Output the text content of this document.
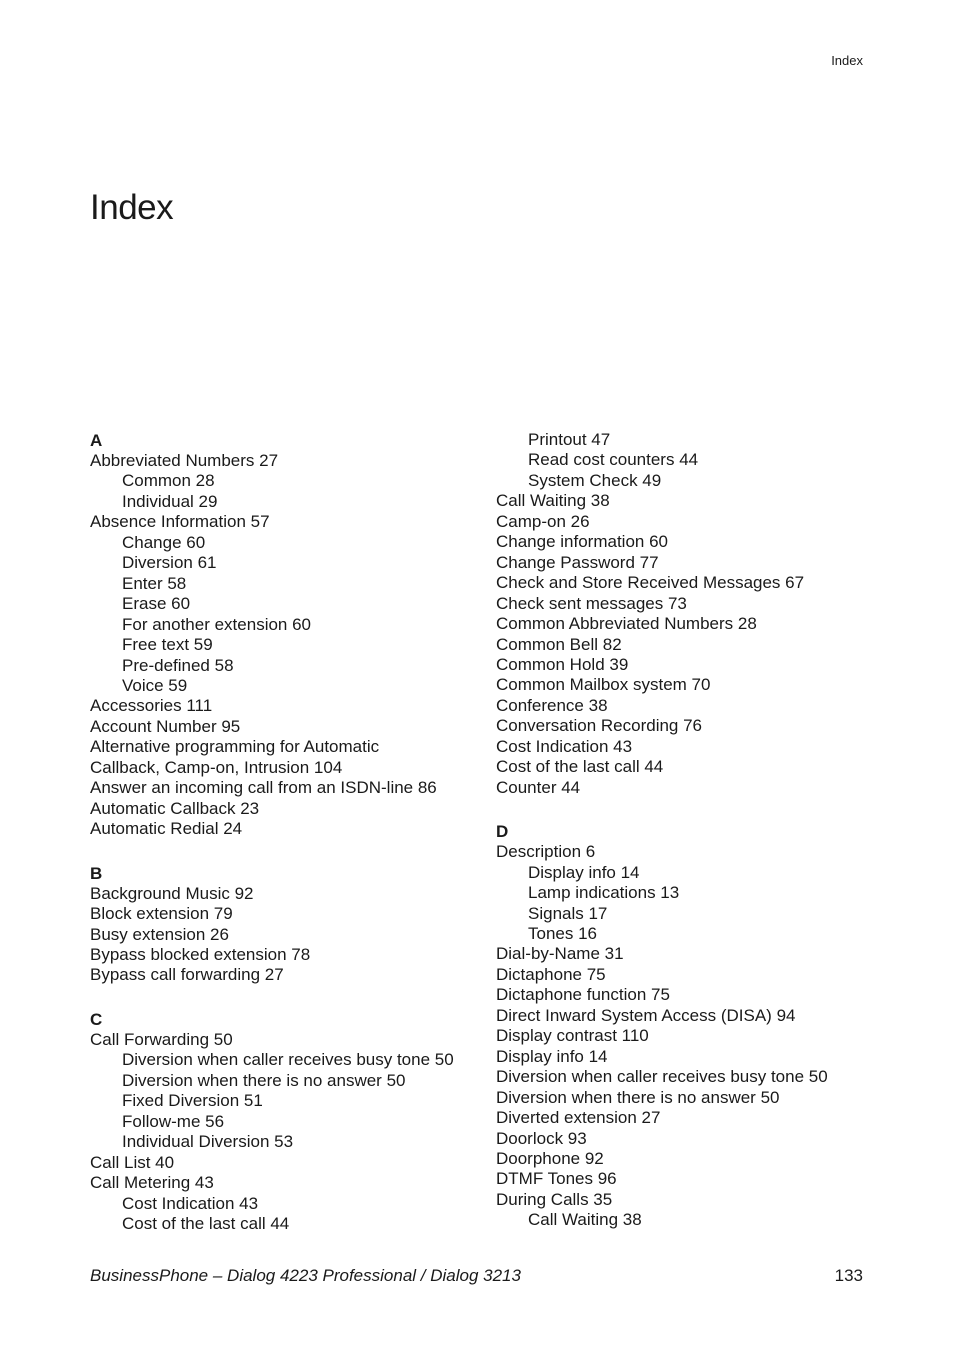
Index
Index
A
Abbreviated Numbers 27
Common 28
Individual 29
Absence Information 57
Change 60
Diversion 61
Enter 58
Erase 60
For another extension 60
Free text 59
Pre-defined 58
Voice 59
Accessories 111
Account Number 95
Alternative programming for Automatic
Callback, Camp-on, Intrusion 104
Answer an incoming call from an ISDN-line 86
Automatic Callback 23
Automatic Redial 24
B
Background Music 92
Block extension 79
Busy extension 26
Bypass blocked extension 78
Bypass call forwarding 27
C
Call Forwarding 50
Diversion when caller receives busy tone 50
Diversion when there is no answer 50
Fixed Diversion 51
Follow-me 56
Individual Diversion 53
Call List 40
Call Metering 43
Cost Indication 43
Cost of the last call 44
Printout 47
Read cost counters 44
System Check 49
Call Waiting 38
Camp-on 26
Change information 60
Change Password 77
Check and Store Received Messages 67
Check sent messages 73
Common Abbreviated Numbers 28
Common Bell 82
Common Hold 39
Common Mailbox system 70
Conference 38
Conversation Recording 76
Cost Indication 43
Cost of the last call 44
Counter 44
D
Description 6
Display info 14
Lamp indications 13
Signals 17
Tones 16
Dial-by-Name 31
Dictaphone 75
Dictaphone function 75
Direct Inward System Access (DISA) 94
Display contrast 110
Display info 14
Diversion when caller receives busy tone 50
Diversion when there is no answer 50
Diverted extension 27
Doorlock 93
Doorphone 92
DTMF Tones 96
During Calls 35
Call Waiting 38
BusinessPhone – Dialog 4223 Professional / Dialog 3213	133
